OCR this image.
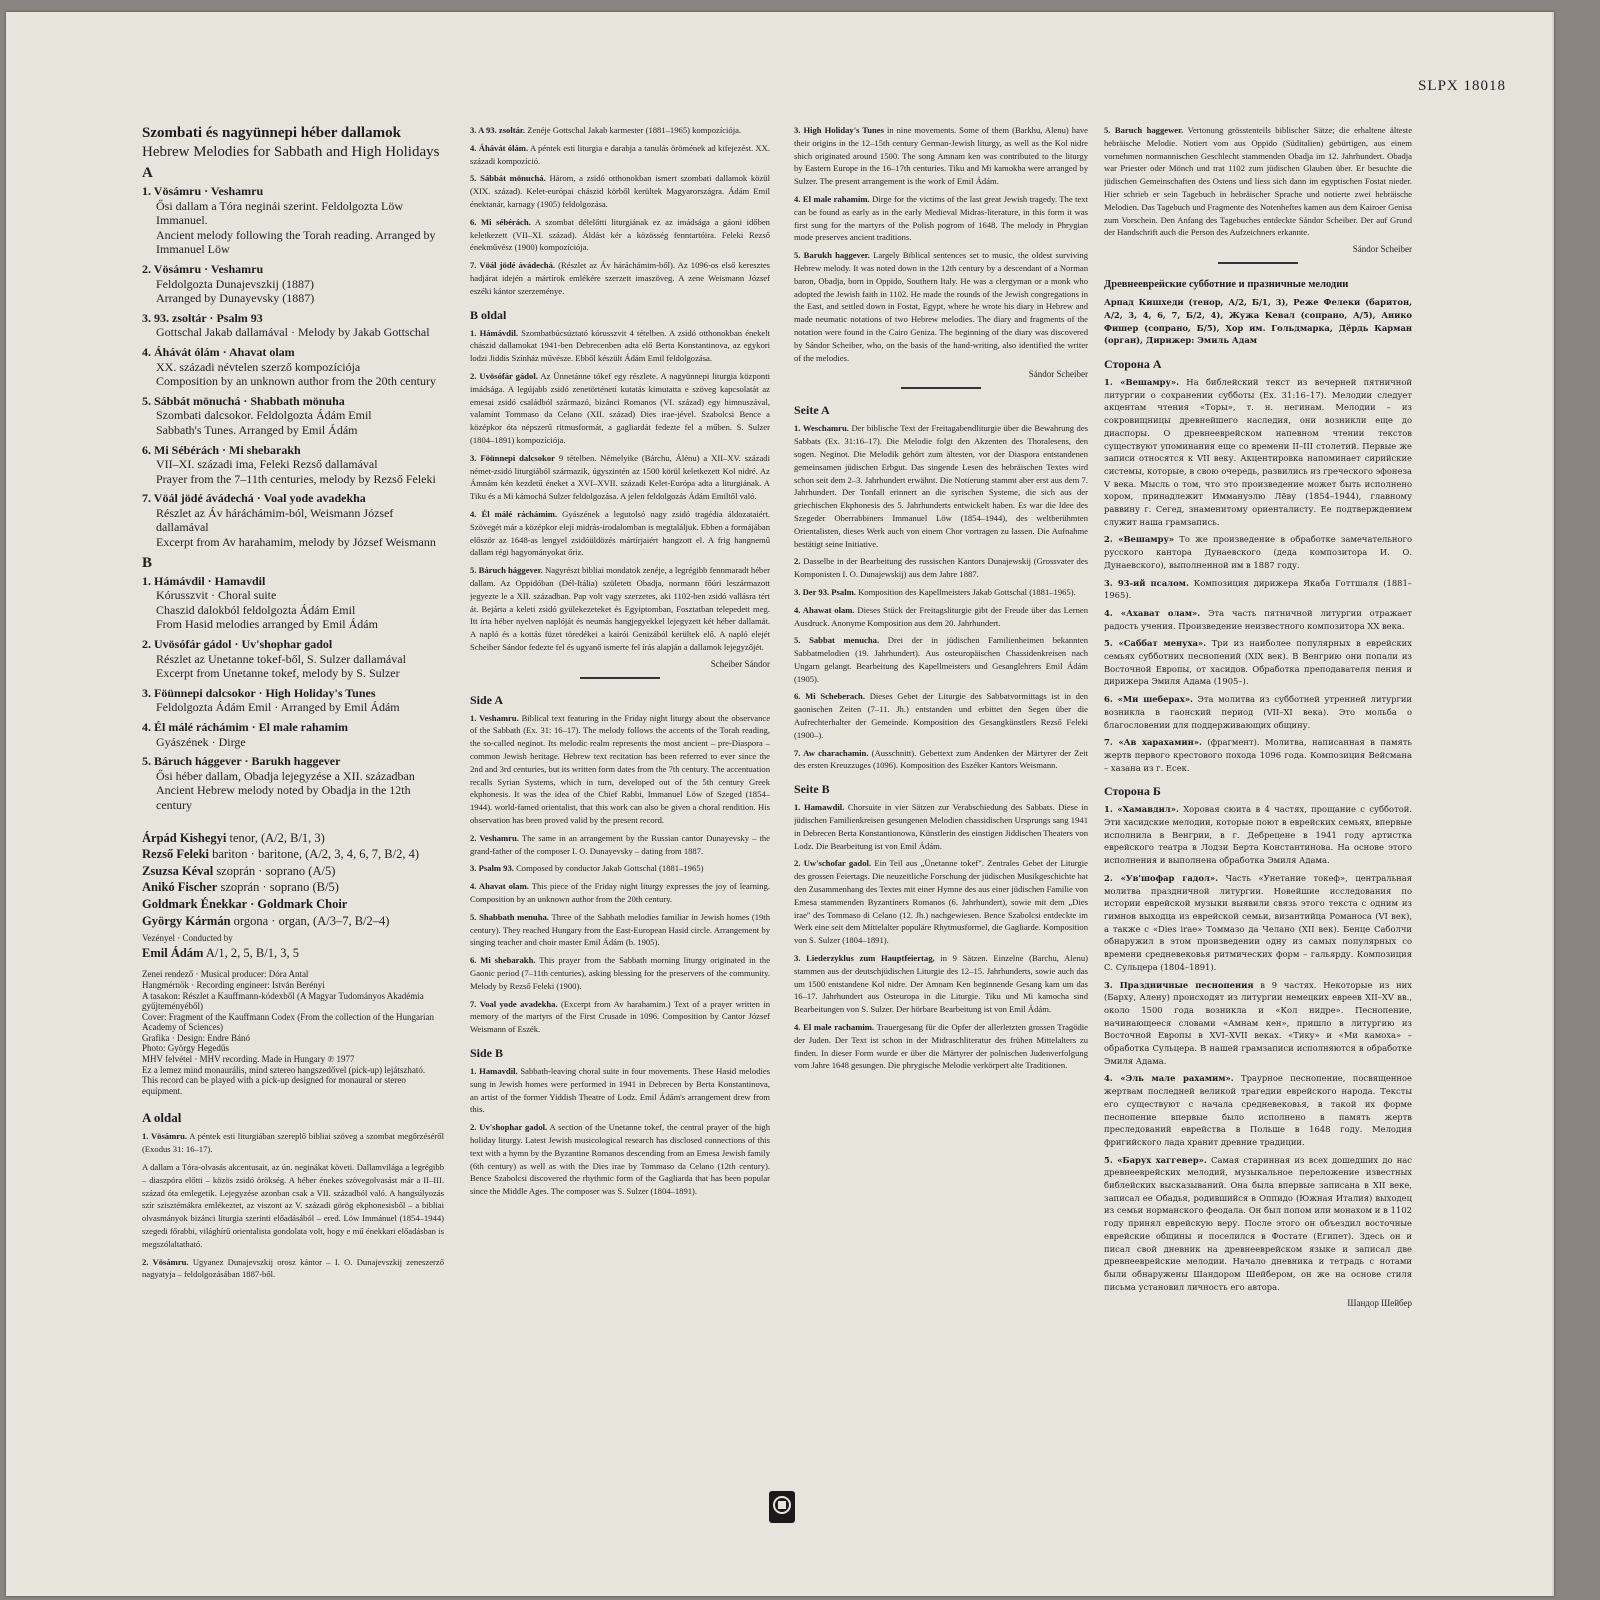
SLPX 18018
Szombati és nagyünnepi héber dallamok
Hebrew Melodies for Sabbath and High Holidays
A
1. Vösámru · Veshamru
Ősi dallam a Tóra neginái szerint. Feldolgozta Löw Immanuel.
Ancient melody following the Torah reading. Arranged by Immanuel Löw
2. Vösámru · Veshamru
Feldolgozta Dunajevszkij (1887)
Arranged by Dunayevsky (1887)
3. 93. zsoltár · Psalm 93
Gottschal Jakab dallamával · Melody by Jakab Gottschal
4. Áhávát ólám · Ahavat olam
XX. századi névtelen szerző kompozíciója
Composition by an unknown author from the 20th century
5. Sábbát mönuchá · Shabbath mönuha
Szombati dalcsokor. Feldolgozta Ádám Emil
Sabbath's Tunes. Arranged by Emil Ádám
6. Mi Sébérách · Mi shebarakh
VII–XI. századi ima, Feleki Rezső dallamával
Prayer from the 7–11th centuries, melody by Rezső Feleki
7. Vöál jödé ávádechá · Voal yode avadekha
Részlet az Áv háráchámim-ból, Weismann József dallamával
Excerpt from Av harahamim, melody by József Weismann
B
1. Hámávdil · Hamavdil
Kórusszvit · Choral suite
Chaszid dalokból feldolgozta Ádám Emil
From Hasid melodies arranged by Emil Ádám
2. Uvösófár gádol · Uv'shophar gadol
Részlet az Unetanne tokef-ből, S. Sulzer dallamával
Excerpt from Unetanne tokef, melody by S. Sulzer
3. Föünnepi dalcsokor · High Holiday's Tunes
Feldolgozta Ádám Emil · Arranged by Emil Ádám
4. Él málé ráchámim · El male rahamim
Gyászének · Dirge
5. Báruch hággever · Barukh haggever
Ősi héber dallam, Obadja lejegyzése a XII. században
Ancient Hebrew melody noted by Obadja in the 12th century
Árpád Kishegyi tenor, (A/2, B/1, 3)
Rezső Feleki bariton · baritone, (A/2, 3, 4, 6, 7, B/2, 4)
Zsuzsa Kéval szoprán · soprano (A/5)
Anikó Fischer szoprán · soprano (B/5)
Goldmark Énekkar · Goldmark Choir
György Kármán orgona · organ, (A/3–7, B/2–4)
Vezényel · Conducted by
Emil Ádám A/1, 2, 5, B/1, 3, 5
Zenei rendező · Musical producer: Dóra Antal
Hangmérnök · Recording engineer: István Berényi
A tasakon: Részlet a Kauffmann-kódexből (A Magyar Tudományos Akadémia gyűjteményéből)
Cover: Fragment of the Kauffmann Codex (From the collection of the Hungarian Academy of Sciences)
Grafika · Design: Endre Bánó
Photo: György Hegedűs
MHV felvétel · MHV recording. Made in Hungary ℗ 1977
Ez a lemez mind monaurális, mind sztereo hangszedővel (pick-up) lejátszható.
This record can be played with a pick-up designed for monaural or stereo equipment.
A oldal
1. Vösámru. A péntek esti liturgiában szereplő bibliai szöveg a szombat megőrzéséről (Exodus 31: 16–17).
A dallam a Tóra-olvasás akcentusait, az ún. neginákat követi. Dallamvilága a legrégibb – diaszpóra előtti – közös zsidó örökség. A héber énekes szövegolvasást már a II–III. század óta emlegetik. Lejegyzése azonban csak a VII. századból való. A hangsúlyozás szír szisztémákra emlékeztet, az viszont az V. századi görög ekphonesisből – a bibliai olvasmányok bizánci liturgia szerinti előadásából – ered. Löw Immánuel (1854–1944) szegedi főrabbi, világhírű orientalista gondolata volt, hogy e mű énekkari előadásban is megszólaltatható.
2. Vösámru. Ugyanez Dunajevszkij orosz kántor – I. O. Dunajevszkij zeneszerző nagyatyja – feldolgozásában 1887-ből.
3. A 93. zsoltár. Zenéje Gottschal Jakab karmester (1881–1965) kompozíciója.
4. Áhávát ólám. A péntek esti liturgia e darabja a tanulás örömének ad kifejezést. XX. századi kompozíció.
5. Sábbát mönuchá. Három, a zsidó otthonokban ismert szombati dallamok közül (XIX. század). Kelet-európai chászid körből kerültek Magyarországra. Ádám Emil énektanár, karnagy (1905) feldolgozása.
6. Mi sébérách. A szombat délelőtti liturgiának ez az imádsága a gáoni időben keletkezett (VII–XI. század). Áldást kér a közösség fenntartóira. Feleki Rezső énekművész (1900) kompozíciója.
7. Vöál jödé ávádechá. (Részlet az Áv háráchámim-ből). Az 1096-os első keresztes hadjárat idején a mártírok emlékére szerzett imaszöveg. A zene Weismann József eszéki kántor szerzeménye.
B oldal
1. Hámávdil. Szombatbúcsúztató kórusszvit 4 tételben. A zsidó otthonokban énekelt chászid dallamokat 1941-ben Debrecenben adta elő Berta Konstantinova, az egykori lodzi Jiddis Színház művésze. Ebből készült Ádám Emil feldolgozása.
2. Uvösófár gádol. Az Ünnetánne tókef egy részlete. A nagyünnepi liturgia központi imádsága. A legújabb zsidó zenetörténeti kutatás kimutatta e szöveg kapcsolatát az emesai zsidó családból származó, bizánci Romanos (VI. század) egy himnuszával, valamint Tommaso da Celano (XII. század) Dies irae-jével. Szabolcsi Bence a középkor óta népszerű ritmusformát, a gagliardát fedezte fel a műben. S. Sulzer (1804–1891) kompozíciója.
3. Föünnepi dalcsokor 9 tételben. Némelyike (Bárchu, Álénu) a XII–XV. századi német-zsidó liturgiából származik, úgyszintén az 1500 körül keletkezett Kol nidré. Az Ámnám kén kezdetű éneket a XVI–XVII. századi Kelet-Európa adta a liturgiának. A Tiku és a Mi kámochá Sulzer feldolgozása. A jelen feldolgozás Ádám Emiltől való.
4. Él málé ráchámim. Gyászének a legutolsó nagy zsidó tragédia áldozataiért. Szövegét már a középkor elejí midrás-irodalomban is megtaláljuk. Ebben a formájában először az 1648-as lengyel zsidóüldözés mártírjaiért hangzott el. A frig hangnemű dallam régi hagyományokat őriz.
5. Báruch hággever. Nagyrészt bibliai mondatok zenéje, a legrégibb fennmaradt héber dallam. Az Oppidóban (Dél-Itália) született Obadja, normann főúri leszármazott jegyezte le a XII. században. Pap volt vagy szerzetes, aki 1102-ben zsidó vallásra tért át. Bejárta a keleti zsidó gyülekezeteket és Egyiptomban, Fosztatban telepedett meg. Itt írta héber nyelven naplóját és neumás hangjegyekkel lejegyzett két héber dallamát. A napló és a kottás füzet töredékei a kairói Genizából kerültek elő. A napló elejét Scheiber Sándor fedezte fel és ugyanő ismerte fel írás alapján a dallamok lejegyzőjét.
Scheiber Sándor
Side A
1. Veshamru. Biblical text featuring in the Friday night liturgy about the observance of the Sabbath (Ex. 31: 16–17). The melody follows the accents of the Torah reading, the so-called neginot. Its melodic realm represents the most ancient – pre-Diaspora – common Jewish heritage. Hebrew text recitation has been referred to ever since the 2nd and 3rd centuries, but its written form dates from the 7th century. The accentuation recalls Syrian Systems, which in turn, developed out of the 5th century Greek ekphonesis. It was the idea of the Chief Rabbi, Immanuel Löw of Szeged (1854–1944). world-famed orientalist, that this work can also be given a choral rendition. His observation has been proved valid by the present record.
2. Veshamru. The same in an arrangement by the Russian cantor Dunayevsky – the grand-father of the composer I. O. Dunayevsky – dating from 1887.
3. Psalm 93. Composed by conductor Jakab Gottschal (1881–1965)
4. Ahavat olam. This piece of the Friday night liturgy expresses the joy of learning. Composition by an unknown author from the 20th century.
5. Shabbath menuha. Three of the Sabbath melodies familiar in Jewish homes (19th century). They reached Hungary from the East-European Hasid circle. Arrangement by singing teacher and choir master Emil Ádám (b. 1905).
6. Mi shebarakh. This prayer from the Sabbath morning liturgy originated in the Gaonic period (7–11th centuries), asking blessing for the preservers of the community. Melody by Rezső Feleki (1900).
7. Voal yode avadekha. (Excerpt from Av harahamim.) Text of a prayer written in memory of the martyrs of the First Crusade in 1096. Composition by Cantor József Weismann of Eszék.
Side B
1. Hamavdil. Sabbath-leaving choral suite in four movements. These Hasid melodies sung in Jewish homes were performed in 1941 in Debrecen by Berta Konstantinova, an artist of the former Yiddish Theatre of Lodz. Emil Ádám's arrangement drew from this.
2. Uv'shophar gadol. A section of the Unetanne tokef, the central prayer of the high holiday liturgy. Latest Jewish musicological research has disclosed connections of this text with a hymn by the Byzantine Romanos descending from an Emesa Jewish family (6th century) as well as with the Dies irae by Tommaso da Celano (12th century). Bence Szabolcsi discovered the rhythmic form of the Gagliarda that has been popular since the Middle Ages. The composer was S. Sulzer (1804–1891).
3. High Holiday's Tunes in nine movements. Some of them (Barkhu, Alenu) have their origins in the 12–15th century German-Jewish liturgy, as well as the Kol nidre shich originated around 1500. The song Amnam ken was contributed to the liturgy by Eastern Europe in the 16–17th centuries. Tiku and Mi kamokha were arranged by Sulzer. The present arrangement is the work of Emil Ádám.
4. El male rahamim. Dirge for the victims of the last great Jewish tragedy. The text can be found as early as in the early Medieval Midras-literature, in this form it was first sung for the martyrs of the Polish pogrom of 1648. The melody in Phrygian mode preserves ancient traditions.
5. Barukh haggever. Largely Biblical sentences set to music, the oldest surviving Hebrew melody. It was noted down in the 12th century by a descendant of a Norman baron, Obadja, born in Oppido, Southern Italy. He was a clergyman or a monk who adopted the Jewish faith in 1102. He made the rounds of the Jewish congregations in the East, and settled down in Fostat, Egypt, where he wrote his diary in Hebrew and made neumatic notations of two Hebrew melodies. The diary and fragments of the notation were found in the Cairo Geniza. The beginning of the diary was discovered by Sándor Scheiber, who, on the basis of the hand-writing, also identified the writer of the melodies.
Sándor Scheiber
Seite A
1. Weschamru. Der biblische Text der Freitagabendliturgie über die Bewahrung des Sabbats (Ex. 31:16–17). Die Melodie folgt den Akzenten des Thoralesens, den sogen. Neginot. Die Melodik gehört zum ältesten, vor der Diaspora entstandenen gemeinsamen jüdischen Erbgut. Das singende Lesen des hebräischen Textes wird schon seit dem 2–3. Jahrhundert erwähnt. Die Notierung stammt aber erst aus dem 7. Jahrhundert. Der Tonfall erinnert an die syrischen Systeme, die sich aus der griechischen Ekphonesis des 5. Jahrhunderts entwickelt haben. Es war die Idee des Szegeder Oberrabbiners Immanuel Löw (1854–1944), des weltberühmten Orientalisten, dieses Werk auch von einem Chor vortragen zu lassen. Die Aufnahme bestätigt seine Initiative.
2. Dasselbe in der Bearbeitung des russischen Kantors Dunajewskij (Grossvater des Komponisten I. O. Dunajewskij) aus dem Jahre 1887.
3. Der 93. Psalm. Komposition des Kapellmeisters Jakab Gottschal (1881–1965).
4. Ahawat olam. Dieses Stück der Freitagsliturgie gibt der Freude über das Lernen Ausdruck. Anonyme Komposition aus dem 20. Jahrhundert.
5. Sabbat menucha. Drei der in jüdischen Familienheimen bekannten Sabbatmelodien (19. Jahrhundert). Aus osteuropäischen Chassidenkreisen nach Ungarn gelangt. Bearbeitung des Kapellmeisters und Gesanglehrers Emil Ádám (1905).
6. Mi Scheberach. Dieses Gebet der Liturgie des Sabbatvormittags ist in den gaonischen Zeiten (7–11. Jh.) entstanden und erbittet den Segen über die Aufrechterhalter der Gemeinde. Komposition des Gesangkünstlers Rezső Feleki (1900–).
7. Aw charachamin. (Ausschnitt). Gebettext zum Andenken der Märtyrer der Zeit des ersten Kreuzzuges (1096). Komposition des Eszéker Kantors Weismann.
Seite B
1. Hamawdil. Chorsuite in vier Sätzen zur Verabschiedung des Sabbats. Diese in jüdischen Familienkreisen gesungenen Melodien chassidischen Ursprungs sang 1941 in Debrecen Berta Konstantionowa, Künstlerin des einstigen Jiddischen Theaters von Lodz. Die Bearbeitung ist von Emil Ádám.
2. Uw'schofar gadol. Ein Teil aus „Ünetanne tokef". Zentrales Gebet der Liturgie des grossen Feiertags. Die neuzeitliche Forschung der jüdischen Musikgeschichte hat den Zusammenhang des Textes mit einer Hymne des aus einer jüdischen Familie von Emesa stammenden Byzantiners Romanos (6. Jahrhundert), sowie mit dem „Dies irae" des Tommaso di Celano (12. Jh.) nachgewiesen. Bence Szabolcsi entdeckte im Werk eine seit dem Mittelalter populäre Rhytmusformel, die Gagliarde. Komposition von S. Sulzer (1804–1891).
3. Liederzyklus zum Hauptfeiertag, in 9 Sätzen. Einzelne (Barchu, Alenu) stammen aus der deutschjüdischen Liturgie des 12–15. Jahrhunderts, sowie auch das um 1500 entstandene Kol nidre. Der Amnam Ken beginnende Gesang kam um das 16–17. Jahrhundert aus Osteuropa in die Liturgie. Tiku und Mi kamocha sind Bearbeitungen von S. Sulzer. Der hörbare Bearbeitung ist von Emil Ádám.
4. El male rachamim. Trauergesang für die Opfer der allerletzten grossen Tragödie der Juden. Der Text ist schon in der Midraschliteratur des frühen Mittelalters zu finden. In dieser Form wurde er über die Märtyrer der polnischen Judenverfolgung vom Jahre 1648 gesungen. Die phrygische Melodie verkörpert alte Traditionen.
5. Baruch haggewer. Vertonung grösstenteils biblischer Sätze; die erhaltene älteste hebräische Melodie. Notiert vom aus Oppido (Süditalien) gebürtigen, aus einem vornehmen normannischen Geschlecht stammenden Obadja im 12. Jahrhundert. Obadja war Priester oder Mönch und trat 1102 zum jüdischen Glauben über. Er besuchte die jüdischen Gemeinschaften des Ostens und liess sich dann im egyptischen Fostat nieder. Hier schrieb er sein Tagebuch in hebräischer Sprache und notierte zwei hebräische Melodien. Das Tagebuch und Fragmente des Notenheftes kamen aus dem Kairoer Genisa zum Vorschein. Den Anfang des Tagebuches entdeckte Sándor Scheiber. Der auf Grund der Handschrift auch die Person des Aufzeichners erkannte.
Sándor Scheiber
Древнееврейские субботние и празничные мелодии
Арпад Кишхеди (тенор, А/2, Б/1, 3), Реже Фелеки (баритон, А/2, 3, 4, 6, 7, Б/2, 4), Жужа Кевал (сопрано, А/5), Анико Фишер (сопрано, Б/5), Хор им. Гольдмарка, Дёрдь Карман (орган), Дирижер: Эмиль Адам
Сторона А
1. «Вешамру». На библейский текст из вечерней пятничной литургии о сохранении субботы (Ex. 31:16–17). Мелодии следует акцентам чтения «Торы», т. н. негинам. Мелодии – из сокровищницы древнейшего наследия, они возникли еще до диаспоры. О древнееврейском напевном чтении текстов существуют упоминания еще со времени II–III столетий. Первые же записи относятся к VII веку. Акцентировка напоминает сирийские системы, которые, в свою очередь, развились из греческого эфонеза V века. Мысль о том, что это произведение может быть исполнено хором, принадлежит Иммануэлю Лёву (1854–1944), главному раввину г. Сегед, знаменитому ориенталисту. Ее подтверждением служит наша грамзапись.
2. «Вешамру» То же произведение в обработке замечательного русского кантора Дунаевского (деда композитора И. О. Дунаевского), выполненной им в 1887 году.
3. 93-ий псалом. Композиция дирижера Якаба Готтшаля (1881–1965).
4. «Ахават олам». Эта часть пятничной литургии отражает радость учения. Произведение неизвестного композитора XX века.
5. «Саббат менуха». Три из наиболее популярных в еврейских семьях субботних песнопений (XIX век). В Венгрию они попали из Восточной Европы, от хасидов. Обработка преподавателя пения и дирижера Эмиля Адама (1905–).
6. «Ми шеберах». Эта молитва из субботней утренней литургии возникла в гаонский период (VII–XI века). Это мольба о благословении для поддерживающих общину.
7. «Ав харахамин». (фрагмент). Молитва, написанная в память жертв первого крестового похода 1096 года. Композиция Вейсмана – хазана из г. Есек.
Сторона Б
1. «Хамавдил». Хоровая сюита в 4 частях, прощание с субботой. Эти хасидские мелодии, которые поют в еврейских семьях, впервые исполнила в Венгрии, в г. Дебрецене в 1941 году артистка еврейского театра в Лодзи Берта Константинова. На основе этого исполнения и выполнена обработка Эмиля Адама.
2. «Ув'шофар гадол». Часть «Унетание токеф», центральная молитва праздничной литургии. Новейшие исследования по истории еврейской музыки выявили связь этого текста с одним из гимнов выходца из еврейской семьи, византийца Романоса (VI век), а также с «Dies irae» Томмазо да Челано (XII век). Бенце Саболчи обнаружил в этом произведении одну из самых популярных со времени средневековья ритмических форм – гальярду. Композиция С. Сульцера (1804–1891).
3. Праздничные песнопения в 9 частях. Некоторые из них (Барху, Алену) происходят из литургии немецких евреев XII–XV вв., около 1500 года возникла и «Кол нидре». Песнопение, начинающееся словами «Амнам кен», пришло в литургию из Восточной Европы в XVI–XVII веках. «Тику» и «Ми камоха» – обработка Сульцера. В нашей грамзаписи исполняются в обработке Эмиля Адама.
4. «Эль мале рахамим». Траурное песнопение, посвященное жертвам последней великой трагедии еврейского народа. Тексты его существуют с начала средневековья, в такой их форме песнопение впервые было исполнено в память жертв преследований еврейства в Польше в 1648 году. Мелодия фригийского лада хранит древние традиции.
5. «Барух хаггевер». Самая старинная из всех дошедших до нас древнееврейских мелодий, музыкальное переложение известных библейских высказываний. Она была впервые записана в XII веке, записал ее Обадья, родившийся в Оппидо (Южная Италия) выходец из семьи норманского феодала. Он был попом или монахом и в 1102 году принял еврейскую веру. После этого он объездил восточные еврейские общины и поселился в Фостате (Египет). Здесь он и писал свой дневник на древнееврейском языке и записал две древнееврейские мелодии. Начало дневника и тетрадь с нотами были обнаружены Шандором Шейбером, он же на основе стиля письма установил личность его автора.
Шандор Шейбер
